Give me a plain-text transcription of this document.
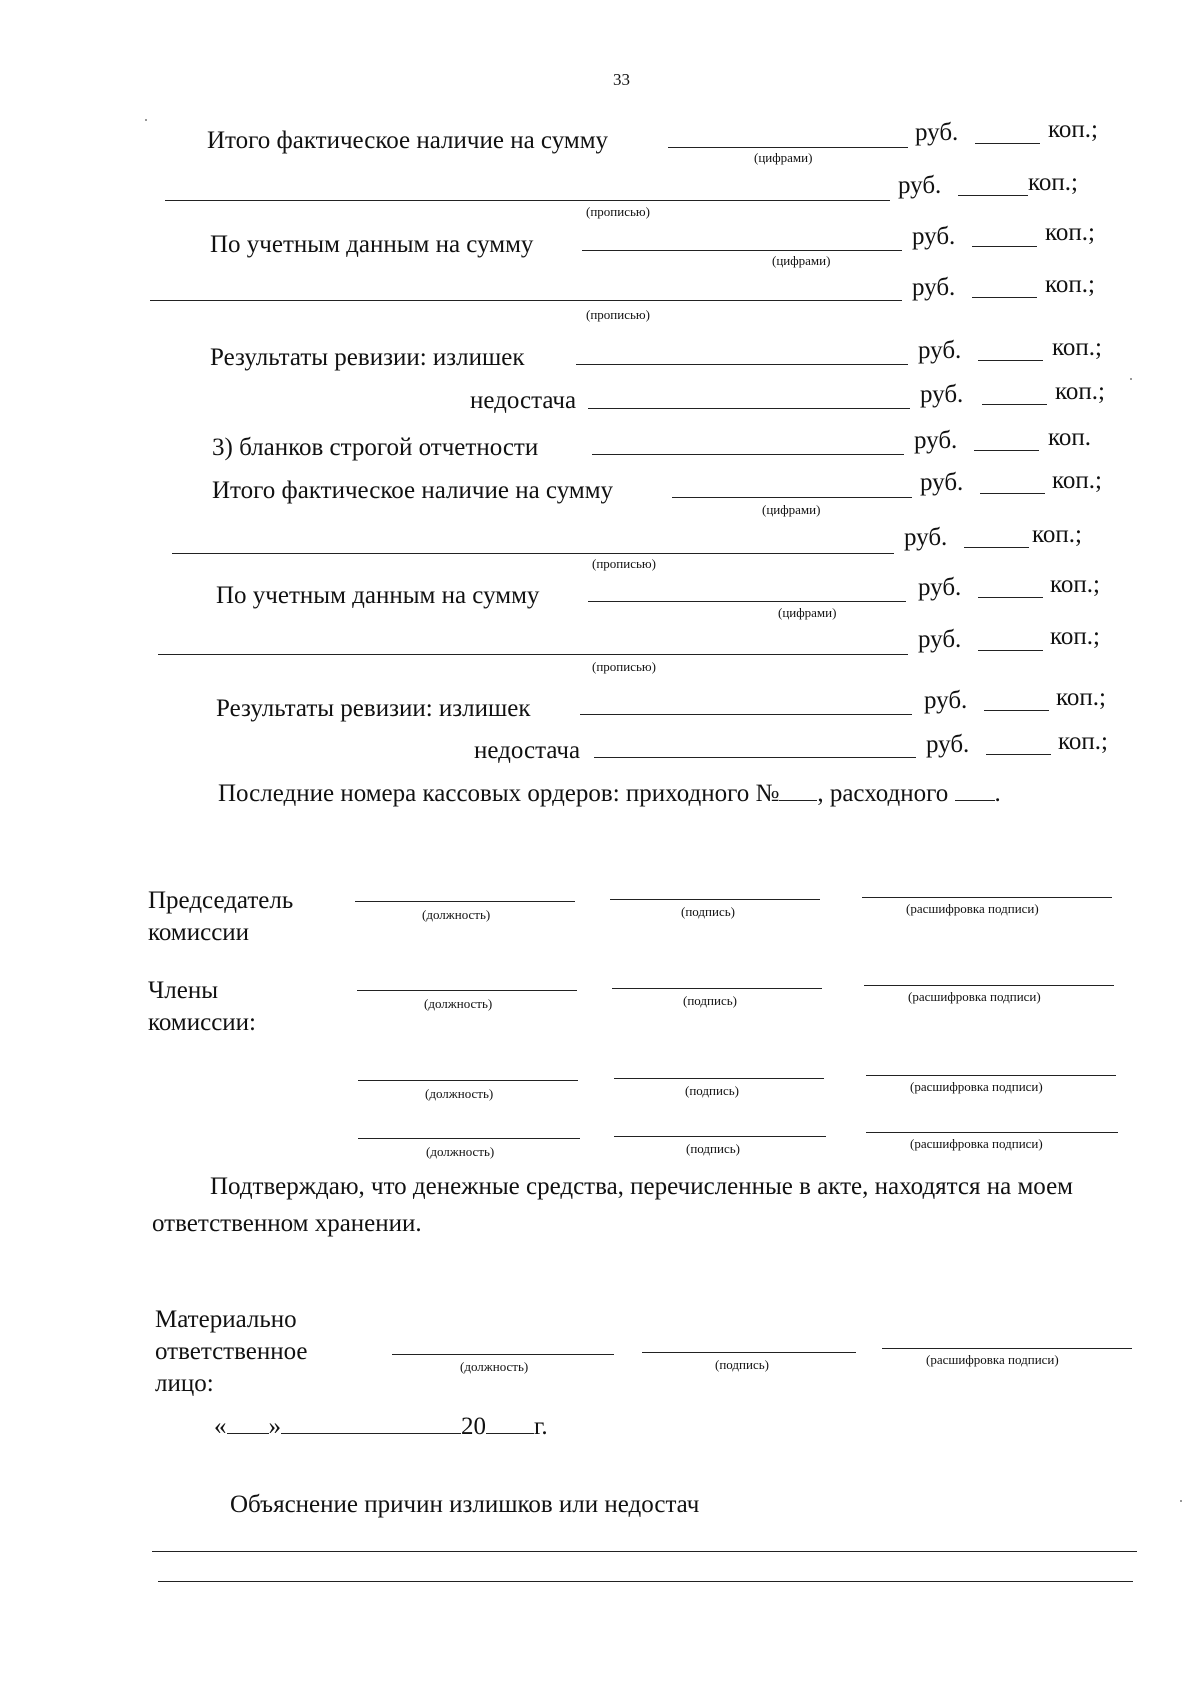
33
Итого фактическое наличие на сумму	руб.	коп.;
(цифрами)
руб.	коп.;
(прописью)
По учетным данным на сумму	руб.	коп.;
(цифрами)
руб.	коп.;
(прописью)
Результаты ревизии: излишек	руб.	коп.;
недостача	руб.	коп.;
3) бланков строгой отчетности	руб.	коп.
Итого фактическое наличие на сумму	руб.	коп.;
(цифрами)
руб.	коп.;
(прописью)
По учетным данным на сумму	руб.	коп.;
(цифрами)
руб.	коп.;
(прописью)
Результаты ревизии: излишек	руб.	коп.;
недостача	руб.	коп.;
Последние номера кассовых ордеров: приходного № , расходного .
Председатель комиссии
(должность)	(подпись)	(расшифровка подписи)
Члены комиссии:
(должность)	(подпись)	(расшифровка подписи)
(должность)	(подпись)	(расшифровка подписи)
(должность)	(подпись)	(расшифровка подписи)
Подтверждаю, что денежные средства, перечисленные в акте, находятся на моем ответственном хранении.
Материально ответственное лицо:
(должность)	(подпись)	(расшифровка подписи)
« »	20 г.
Объяснение причин излишков или недостач
